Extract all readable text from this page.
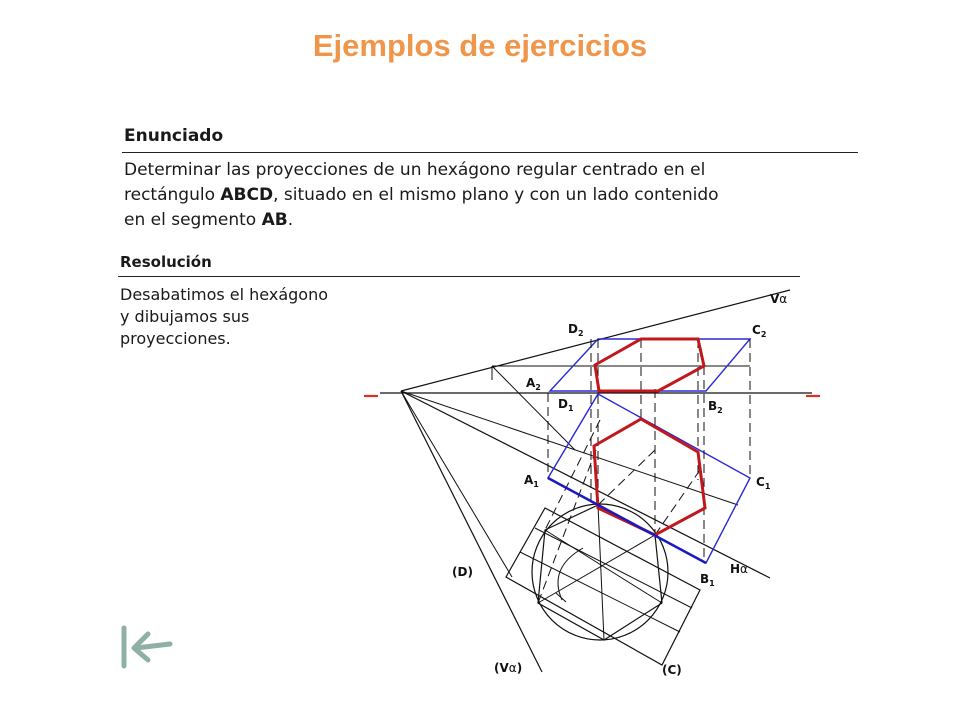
Ejemplos de ejercicios
Enunciado
Determinar las proyecciones de un hexágono regular centrado en el
rectángulo ABCD, situado en el mismo plano y con un lado contenido
en el segmento AB.
Resolución
Desabatimos el hexágono
y dibujamos sus
proyecciones.
Vα
$D_2$	$C_2$
$A_2$
$D_1$	$B_2$
$A_1$	$C_1$
(D)	Hα
$B_1$
(Vα)	(C)
